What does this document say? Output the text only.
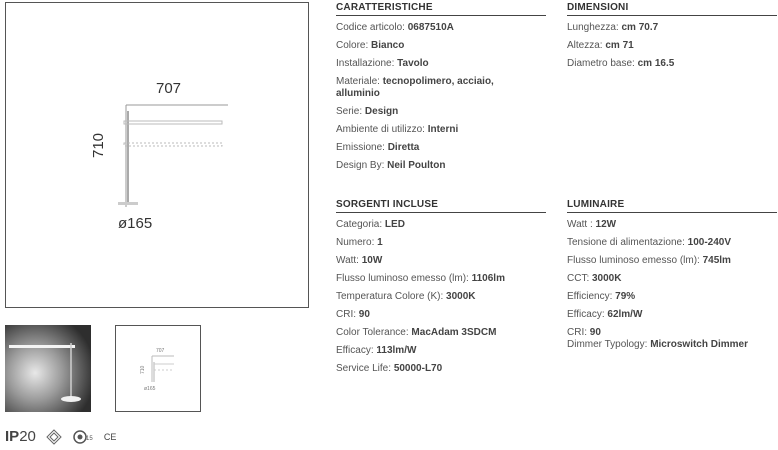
707
710
ø165
707
710
ø165
IP20	15 CE
CARATTERISTICHE
Codice articolo: 0687510A
Colore: Bianco
Installazione: Tavolo
Materiale: tecnopolimero, acciaio, alluminio
Serie: Design
Ambiente di utilizzo: Interni
Emissione: Diretta
Design By: Neil Poulton
DIMENSIONI
Lunghezza: cm 70.7
Altezza: cm 71
Diametro base: cm 16.5
SORGENTI INCLUSE
Categoria: LED
Numero: 1
Watt: 10W
Flusso luminoso emesso (lm): 1106lm
Temperatura Colore (K): 3000K
CRI: 90
Color Tolerance: MacAdam 3SDCM
Efficacy: 113lm/W
Service Life: 50000-L70
LUMINAIRE
Watt : 12W
Tensione di alimentazione: 100-240V
Flusso luminoso emesso (lm): 745lm
CCT: 3000K
Efficiency: 79%
Efficacy: 62lm/W
CRI: 90
Dimmer Typology: Microswitch Dimmer
